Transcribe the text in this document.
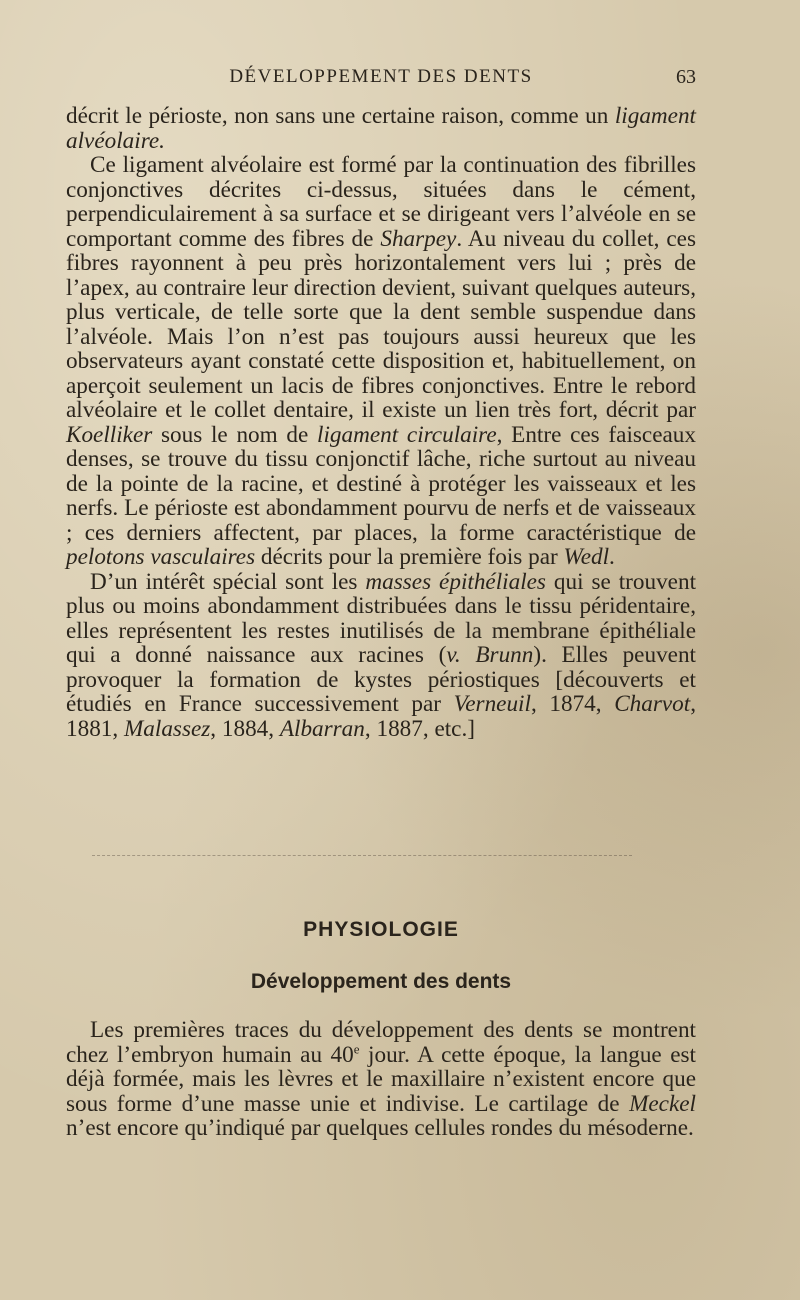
DÉVELOPPEMENT DES DENTS	63

décrit le périoste, non sans une certaine raison, comme un ligament alvéolaire.

Ce ligament alvéolaire est formé par la continuation des fibrilles conjonctives décrites ci-dessus, situées dans le cément, perpendiculairement à sa surface et se dirigeant vers l’alvéole en se comportant comme des fibres de Sharpey. Au niveau du collet, ces fibres rayonnent à peu près horizontalement vers lui ; près de l’apex, au contraire leur direction devient, suivant quelques auteurs, plus verticale, de telle sorte que la dent semble suspendue dans l’alvéole. Mais l’on n’est pas toujours aussi heureux que les observateurs ayant constaté cette disposition et, habituellement, on aperçoit seulement un lacis de fibres conjonctives. Entre le rebord alvéolaire et le collet dentaire, il existe un lien très fort, décrit par Koelliker sous le nom de ligament circulaire, Entre ces faisceaux denses, se trouve du tissu conjonctif lâche, riche surtout au niveau de la pointe de la racine, et destiné à protéger les vaisseaux et les nerfs. Le périoste est abondamment pourvu de nerfs et de vaisseaux ; ces derniers affectent, par places, la forme caractéristique de pelotons vasculaires décrits pour la première fois par Wedl.

D’un intérêt spécial sont les masses épithéliales qui se trouvent plus ou moins abondamment distribuées dans le tissu péridentaire, elles représentent les restes inutilisés de la membrane épithéliale qui a donné naissance aux racines (v. Brunn). Elles peuvent provoquer la formation de kystes périostiques [découverts et étudiés en France successivement par Verneuil, 1874, Charvot, 1881, Malassez, 1884, Albarran, 1887, etc.]

PHYSIOLOGIE
Développement des dents

Les premières traces du développement des dents se montrent chez l’embryon humain au 40e jour. A cette époque, la langue est déjà formée, mais les lèvres et le maxillaire n’existent encore que sous forme d’une masse unie et indivise. Le cartilage de Meckel n’est encore qu’indiqué par quelques cellules rondes du mésoderne.
